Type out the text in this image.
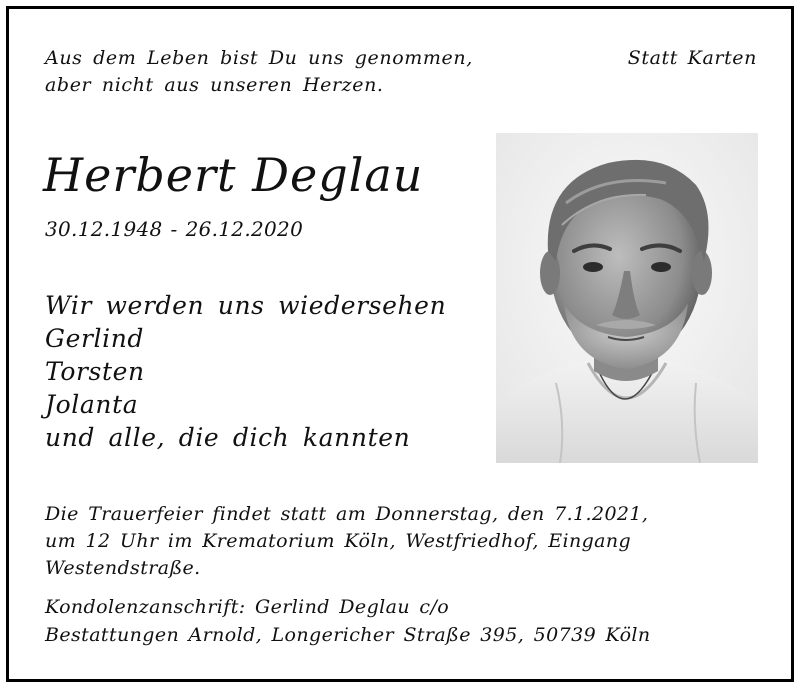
Aus dem Leben bist Du uns genommen,
aber nicht aus unseren Herzen.
Statt Karten
Herbert Deglau
30.12.1948 - 26.12.2020
Wir werden uns wiedersehen
Gerlind
Torsten
Jolanta
und alle, die dich kannten
Die Trauerfeier findet statt am Donnerstag, den 7.1.2021,
um 12 Uhr im Krematorium Köln, Westfriedhof, Eingang
Westendstraße.
Kondolenzanschrift: Gerlind Deglau c/o
Bestattungen Arnold, Longericher Straße 395, 50739 Köln
